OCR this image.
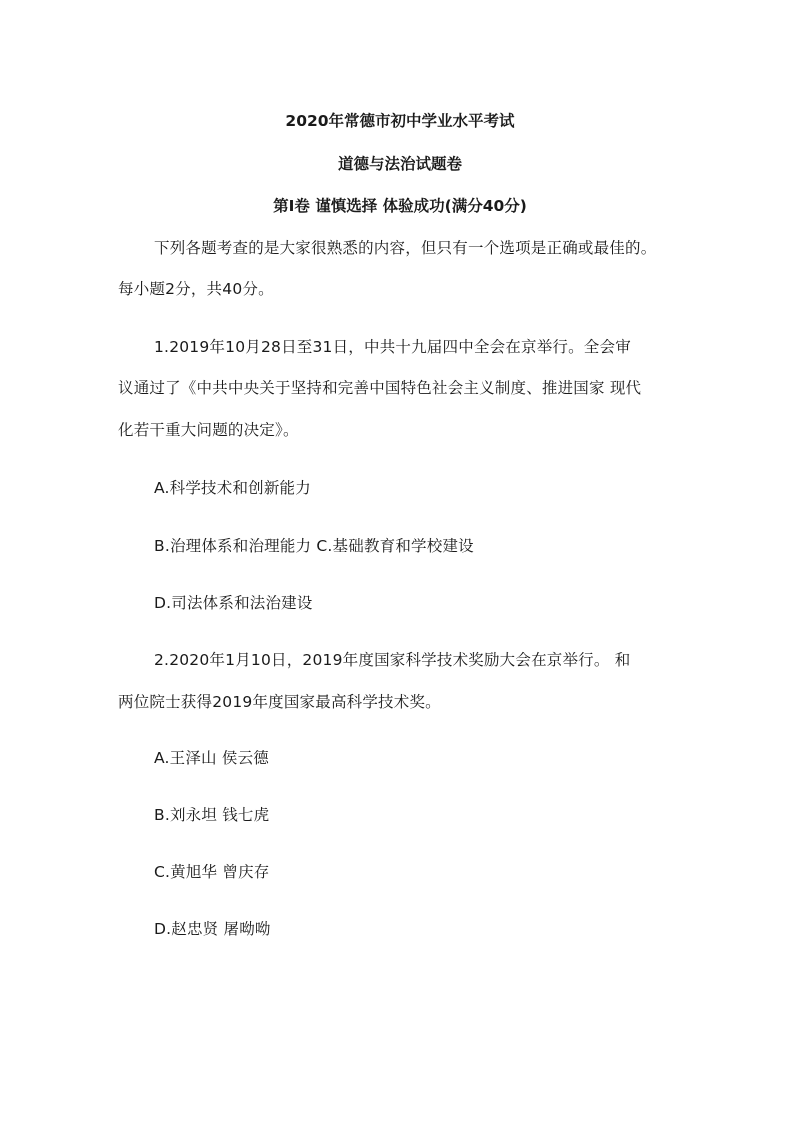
2020年常德市初中学业水平考试
道德与法治试题卷
第Ⅰ卷 谨慎选择 体验成功(满分40分)
下列各题考查的是大家很熟悉的内容，但只有一个选项是正确或最佳的。
每小题2分，共40分。
1.2019年10月28日至31日，中共十九届四中全会在京举行。全会审
议通过了《中共中央关于坚持和完善中国特色社会主义制度、推进国家 现代
化若干重大问题的决定》。
A.科学技术和创新能力
B.治理体系和治理能力 C.基础教育和学校建设
D.司法体系和法治建设
2.2020年1月10日，2019年度国家科学技术奖励大会在京举行。 和
两位院士获得2019年度国家最高科学技术奖。
A.王泽山 侯云德
B.刘永坦 钱七虎
C.黄旭华 曾庆存
D.赵忠贤 屠呦呦
